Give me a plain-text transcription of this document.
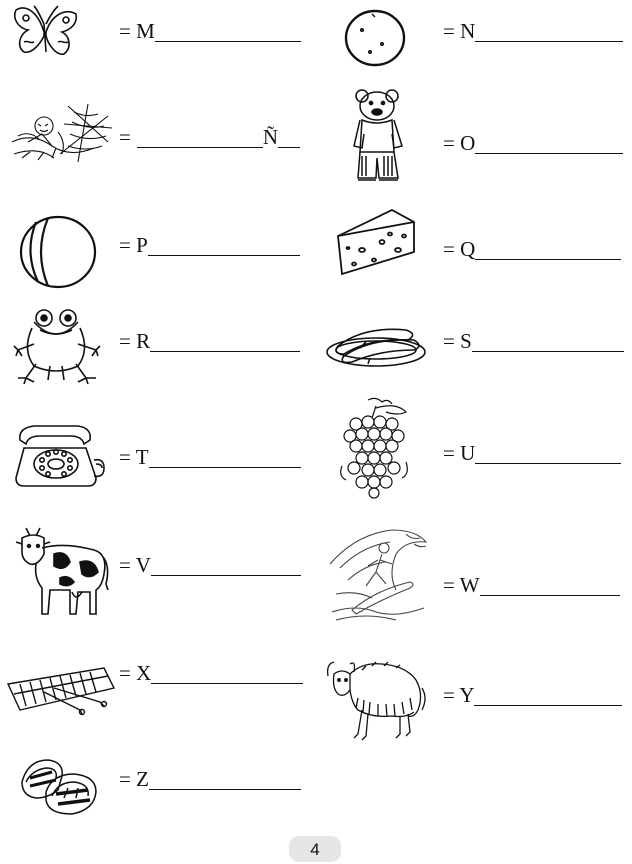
= M	= N
=	Ñ	= O
= P	= Q
= R	= S
= T	= U
= V
= W
= X
= Y
= Z
4
